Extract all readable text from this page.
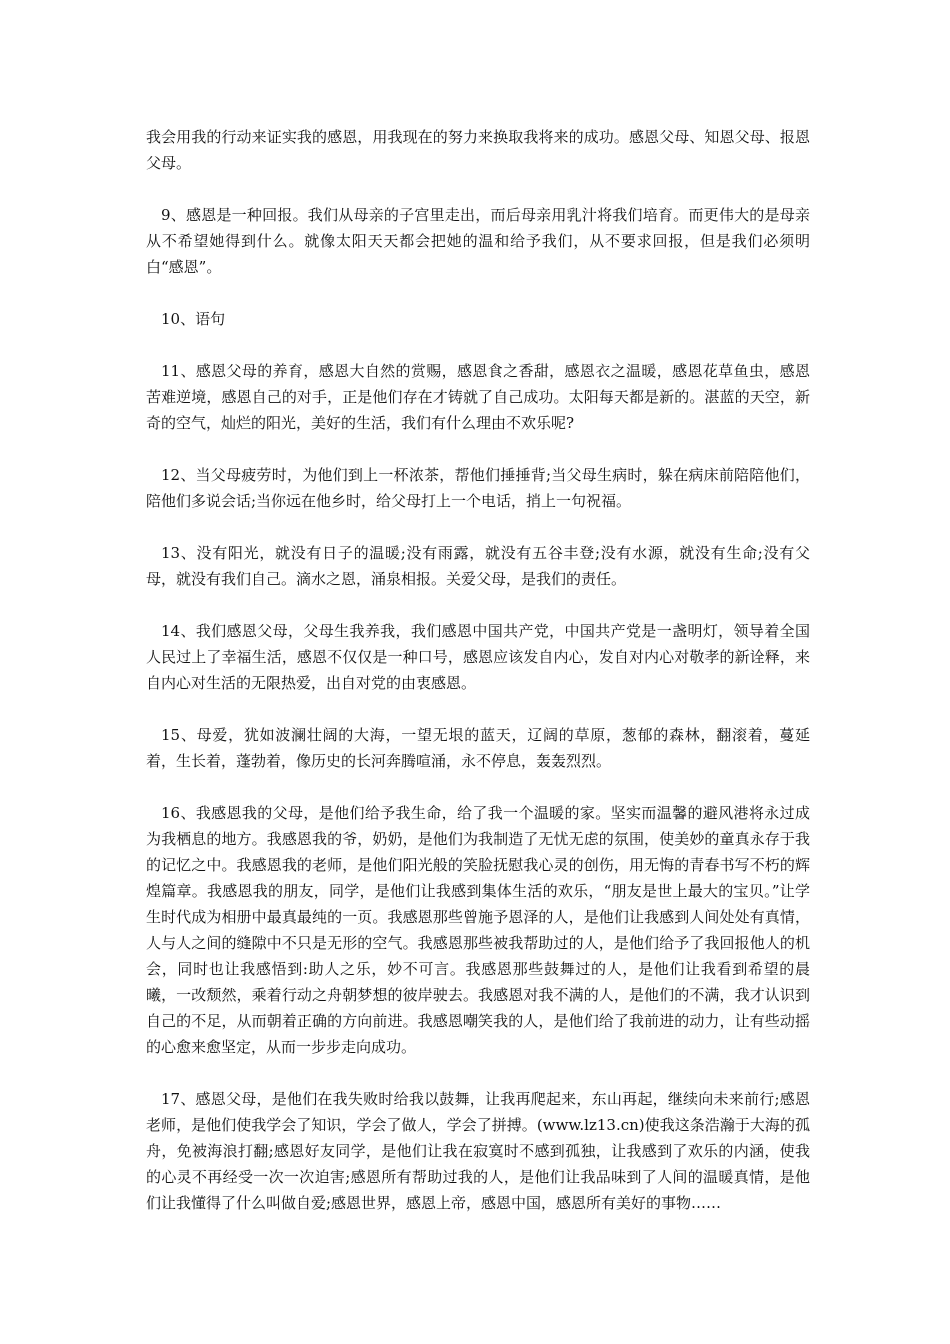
我会用我的行动来证实我的感恩，用我现在的努力来换取我将来的成功。感恩父母、知恩父母、报恩父母。

9、感恩是一种回报。我们从母亲的子宫里走出，而后母亲用乳汁将我们培育。而更伟大的是母亲从不希望她得到什么。就像太阳天天都会把她的温和给予我们，从不要求回报，但是我们必须明白“感恩”。

10、语句

11、感恩父母的养育，感恩大自然的赏赐，感恩食之香甜，感恩衣之温暖，感恩花草鱼虫，感恩苦难逆境，感恩自己的对手，正是他们存在才铸就了自己成功。太阳每天都是新的。湛蓝的天空，新奇的空气，灿烂的阳光，美好的生活，我们有什么理由不欢乐呢?

12、当父母疲劳时，为他们到上一杯浓茶，帮他们捶捶背;当父母生病时，躲在病床前陪陪他们，陪他们多说会话;当你远在他乡时，给父母打上一个电话，捎上一句祝福。

13、没有阳光，就没有日子的温暖;没有雨露，就没有五谷丰登;没有水源，就没有生命;没有父母，就没有我们自己。滴水之恩，涌泉相报。关爱父母，是我们的责任。

14、我们感恩父母，父母生我养我，我们感恩中国共产党，中国共产党是一盏明灯，领导着全国人民过上了幸福生活，感恩不仅仅是一种口号，感恩应该发自内心，发自对内心对敬孝的新诠释，来自内心对生活的无限热爱，出自对党的由衷感恩。

15、母爱，犹如波澜壮阔的大海，一望无垠的蓝天，辽阔的草原，葱郁的森林，翻滚着，蔓延着，生长着，蓬勃着，像历史的长河奔腾喧涌，永不停息，轰轰烈烈。

16、我感恩我的父母，是他们给予我生命，给了我一个温暖的家。坚实而温馨的避风港将永过成为我栖息的地方。我感恩我的爷，奶奶，是他们为我制造了无忧无虑的氛围，使美妙的童真永存于我的记忆之中。我感恩我的老师，是他们阳光般的笑脸抚慰我心灵的创伤，用无悔的青春书写不朽的辉煌篇章。我感恩我的朋友，同学，是他们让我感到集体生活的欢乐，“朋友是世上最大的宝贝。”让学生时代成为相册中最真最纯的一页。我感恩那些曾施予恩泽的人，是他们让我感到人间处处有真情，人与人之间的缝隙中不只是无形的空气。我感恩那些被我帮助过的人，是他们给予了我回报他人的机会，同时也让我感悟到:助人之乐，妙不可言。我感恩那些鼓舞过的人，是他们让我看到希望的晨曦，一改颓然，乘着行动之舟朝梦想的彼岸驶去。我感恩对我不满的人，是他们的不满，我才认识到自己的不足，从而朝着正确的方向前进。我感恩嘲笑我的人，是他们给了我前进的动力，让有些动摇的心愈来愈坚定，从而一步步走向成功。

17、感恩父母，是他们在我失败时给我以鼓舞，让我再爬起来，东山再起，继续向未来前行;感恩老师，是他们使我学会了知识，学会了做人，学会了拼搏。(www.lz13.cn)使我这条浩瀚于大海的孤舟，免被海浪打翻;感恩好友同学，是他们让我在寂寞时不感到孤独，让我感到了欢乐的内涵，使我的心灵不再经受一次一次迫害;感恩所有帮助过我的人，是他们让我品味到了人间的温暖真情，是他们让我懂得了什么叫做自爱;感恩世界，感恩上帝，感恩中国，感恩所有美好的事物……
